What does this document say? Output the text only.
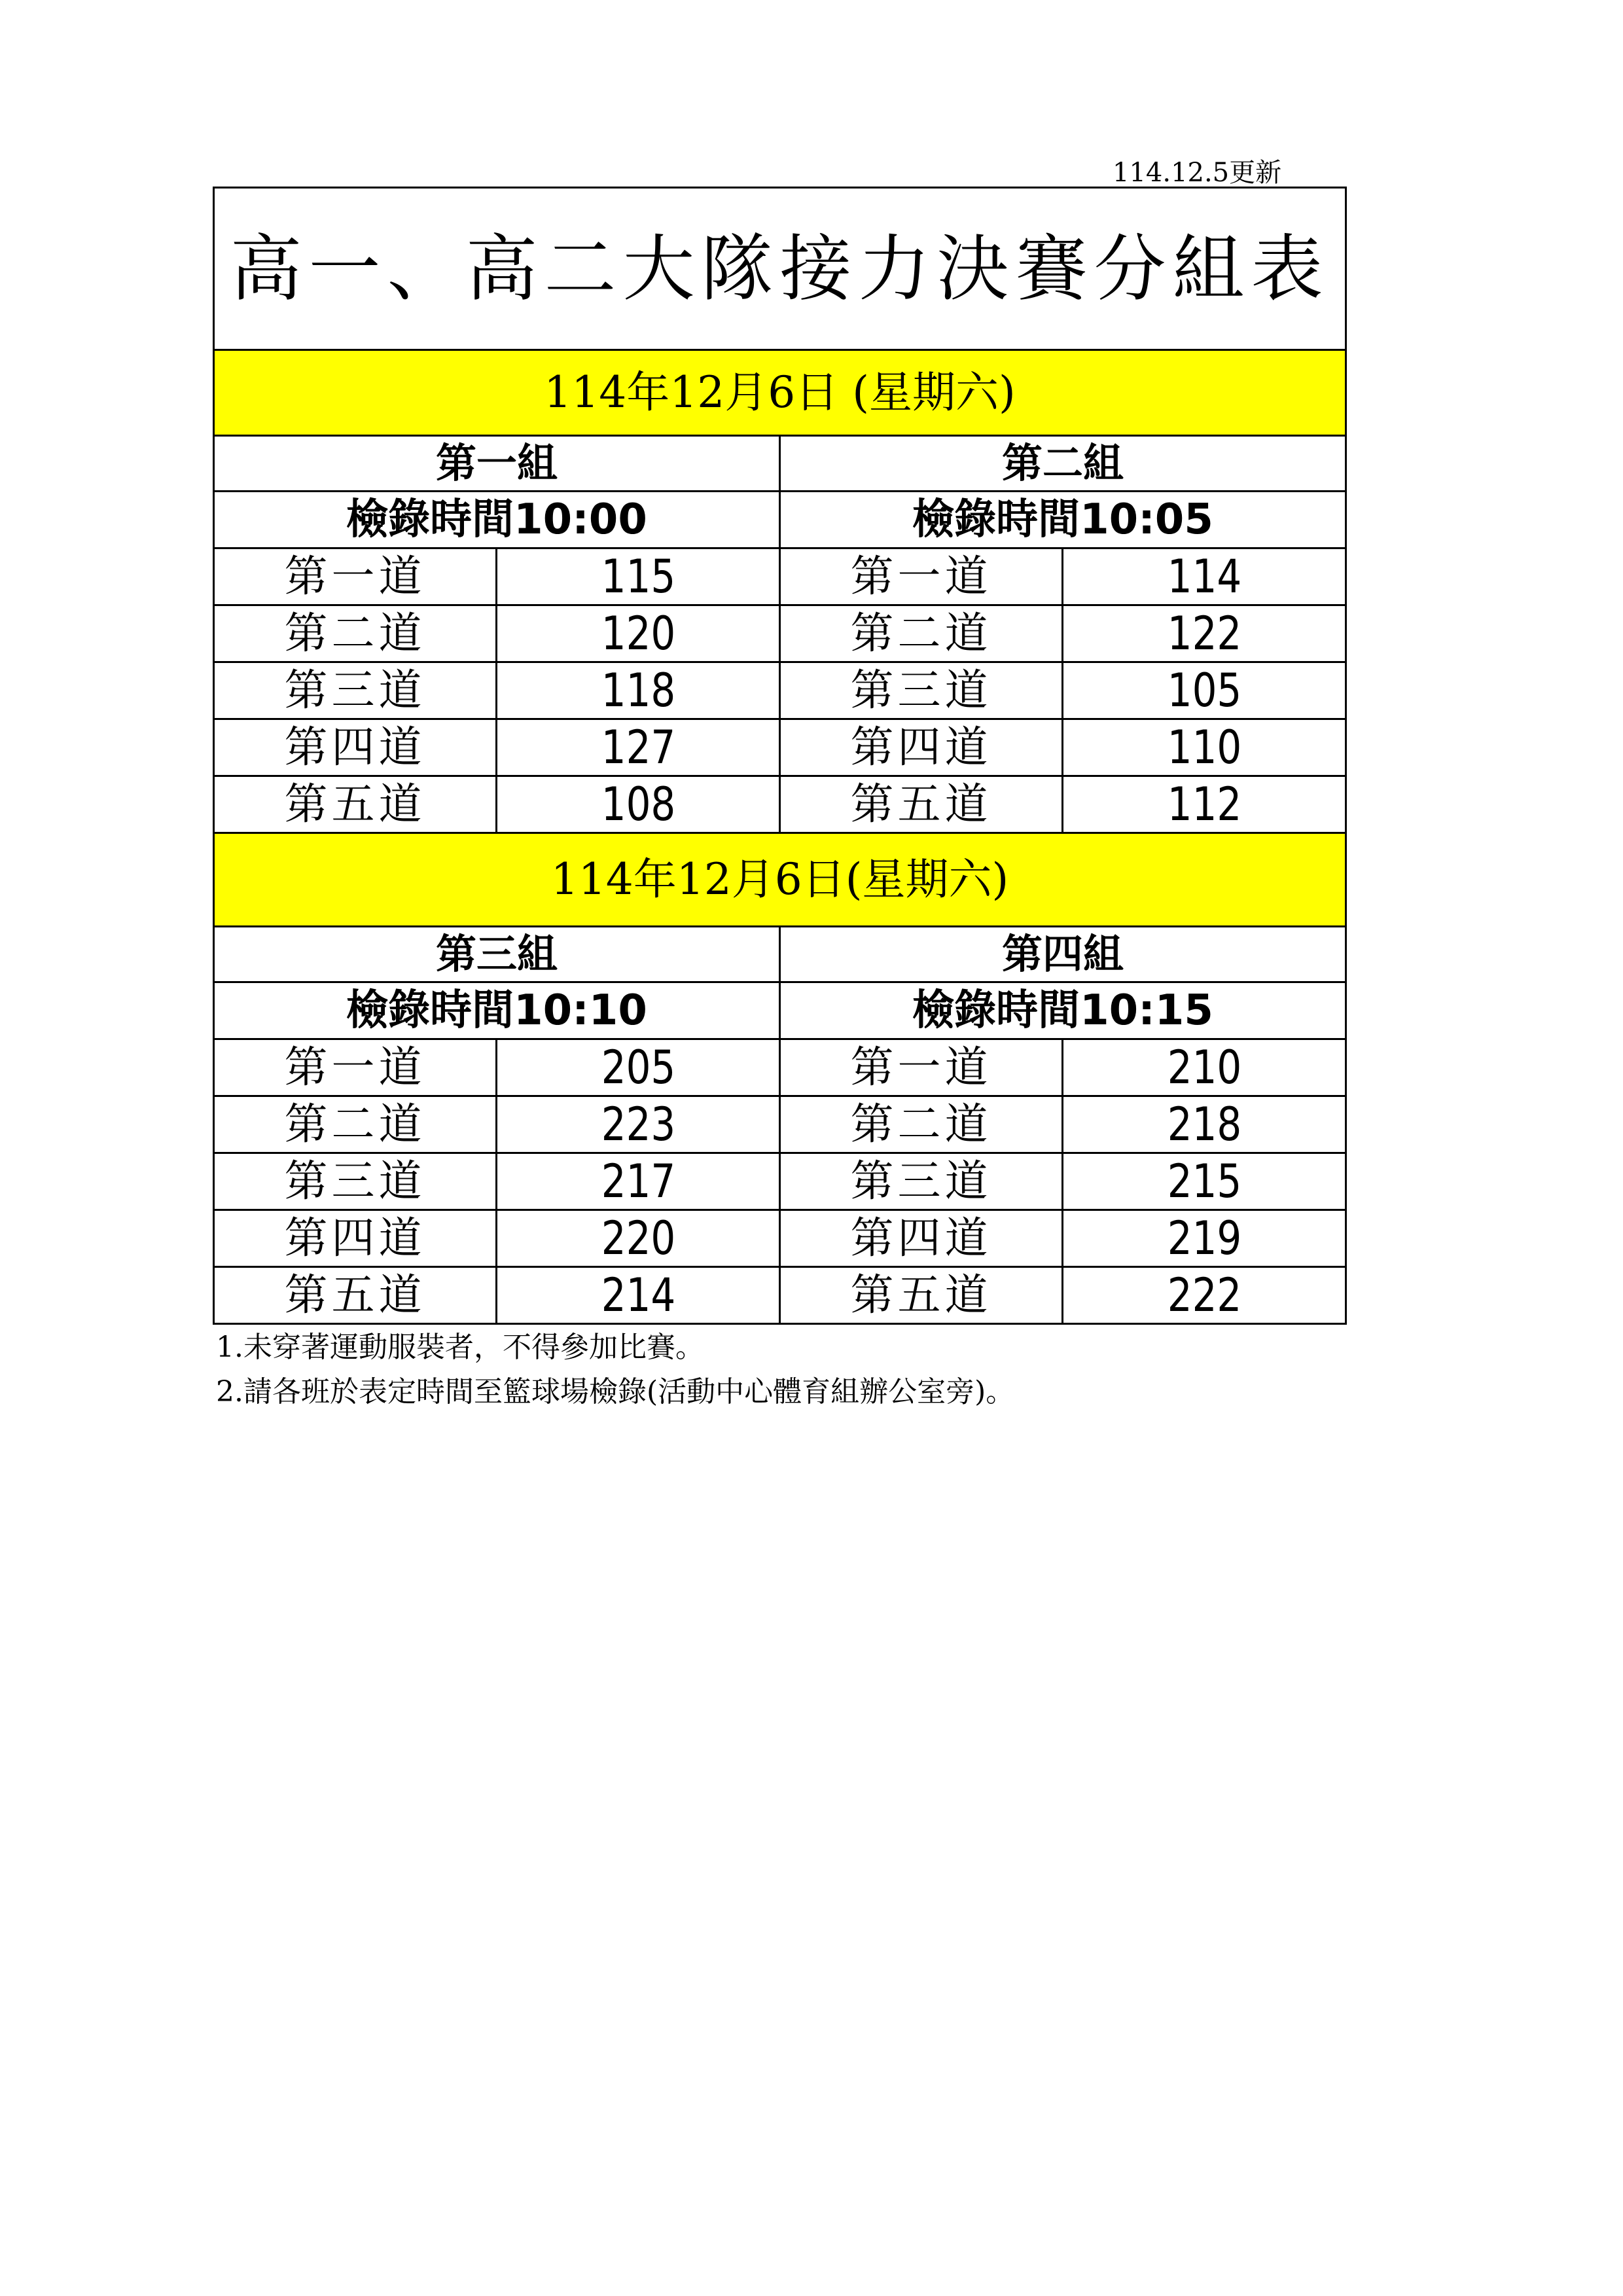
114.12.5更新
高一、高二大隊接力決賽分組表			
114年12月6日 (星期六)			
第一組		第二組	
檢錄時間10:00		檢錄時間10:05	
第一道	115	第一道	114
第二道	120	第二道	122
第三道	118	第三道	105
第四道	127	第四道	110
第五道	108	第五道	112
114年12月6日(星期六)			
第三組		第四組	
檢錄時間10:10		檢錄時間10:15	
第一道	205	第一道	210
第二道	223	第二道	218
第三道	217	第三道	215
第四道	220	第四道	219
第五道	214	第五道	222
1.未穿著運動服裝者，不得參加比賽。
2.請各班於表定時間至籃球場檢錄(活動中心體育組辦公室旁)。
